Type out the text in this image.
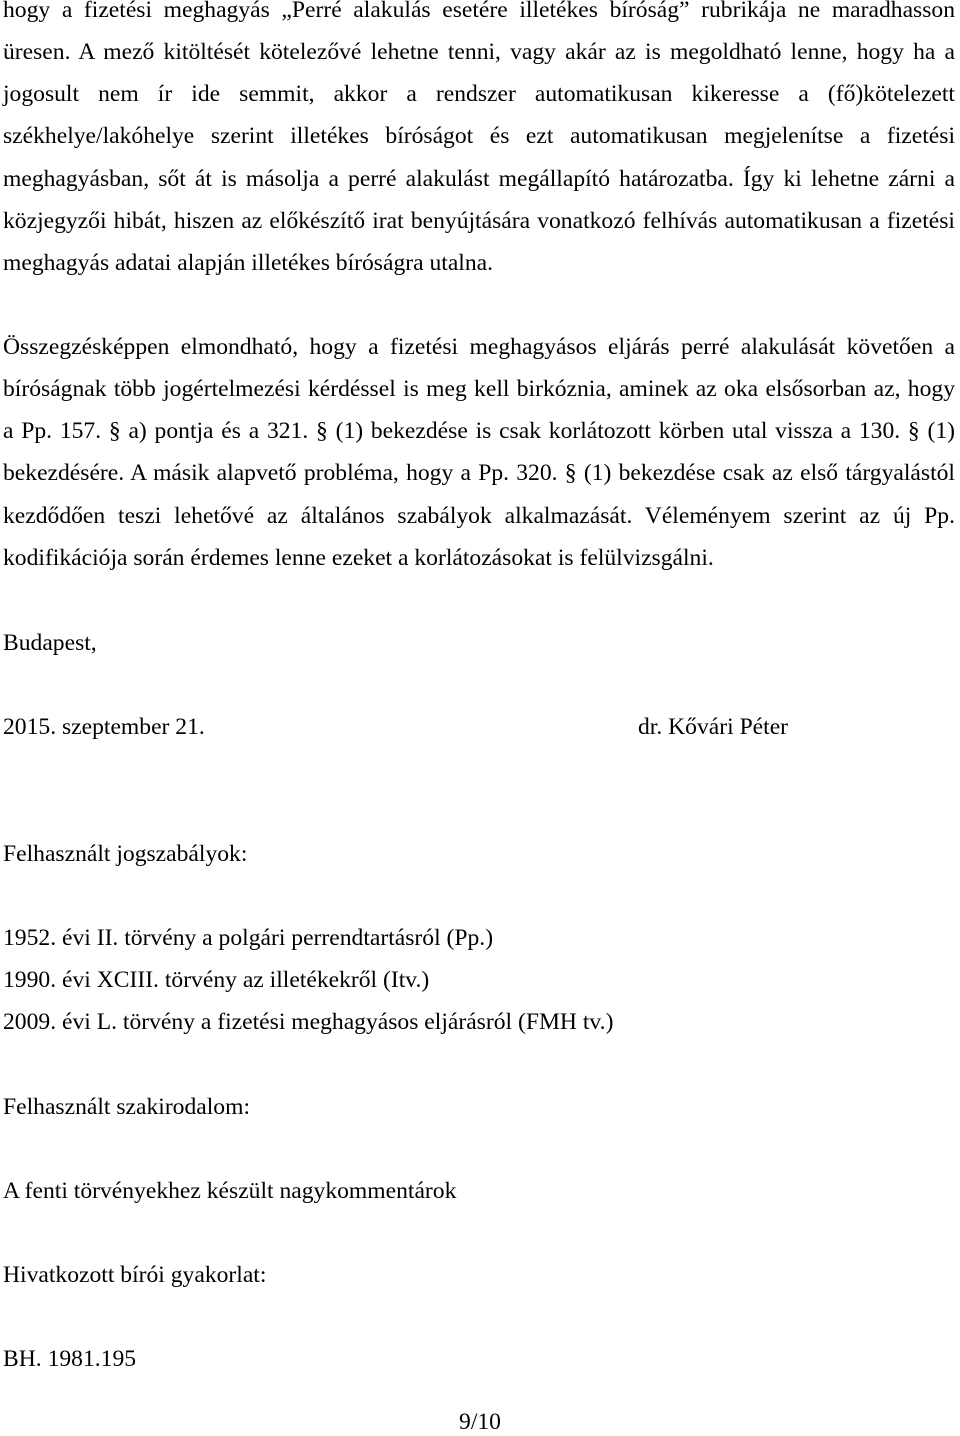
hogy a fizetési meghagyás „Perré alakulás esetére illetékes bíróság” rubrikája ne maradhasson
üresen. A mező kitöltését kötelezővé lehetne tenni, vagy akár az is megoldható lenne, hogy ha a
jogosult nem ír ide semmit, akkor a rendszer automatikusan kikeresse a (fő)kötelezett
székhelye/lakóhelye szerint illetékes bíróságot és ezt automatikusan megjelenítse a fizetési
meghagyásban, sőt át is másolja a perré alakulást megállapító határozatba. Így ki lehetne zárni a
közjegyzői hibát, hiszen az előkészítő irat benyújtására vonatkozó felhívás automatikusan a fizetési
meghagyás adatai alapján illetékes bíróságra utalna.
Összegzésképpen elmondható, hogy a fizetési meghagyásos eljárás perré alakulását követően a
bíróságnak több jogértelmezési kérdéssel is meg kell birkóznia, aminek az oka elsősorban az, hogy
a Pp. 157. § a) pontja és a 321. § (1) bekezdése is csak korlátozott körben utal vissza a 130. § (1)
bekezdésére. A másik alapvető probléma, hogy a Pp. 320. § (1) bekezdése csak az első tárgyalástól
kezdődően teszi lehetővé az általános szabályok alkalmazását. Véleményem szerint az új Pp.
kodifikációja során érdemes lenne ezeket a korlátozásokat is felülvizsgálni.
Budapest,
2015. szeptember 21.	dr. Kővári Péter
Felhasznált jogszabályok:
1952. évi II. törvény a polgári perrendtartásról (Pp.)
1990. évi XCIII. törvény az illetékekről (Itv.)
2009. évi L. törvény a fizetési meghagyásos eljárásról (FMH tv.)
Felhasznált szakirodalom:
A fenti törvényekhez készült nagykommentárok
Hivatkozott bírói gyakorlat:
BH. 1981.195
9/10
